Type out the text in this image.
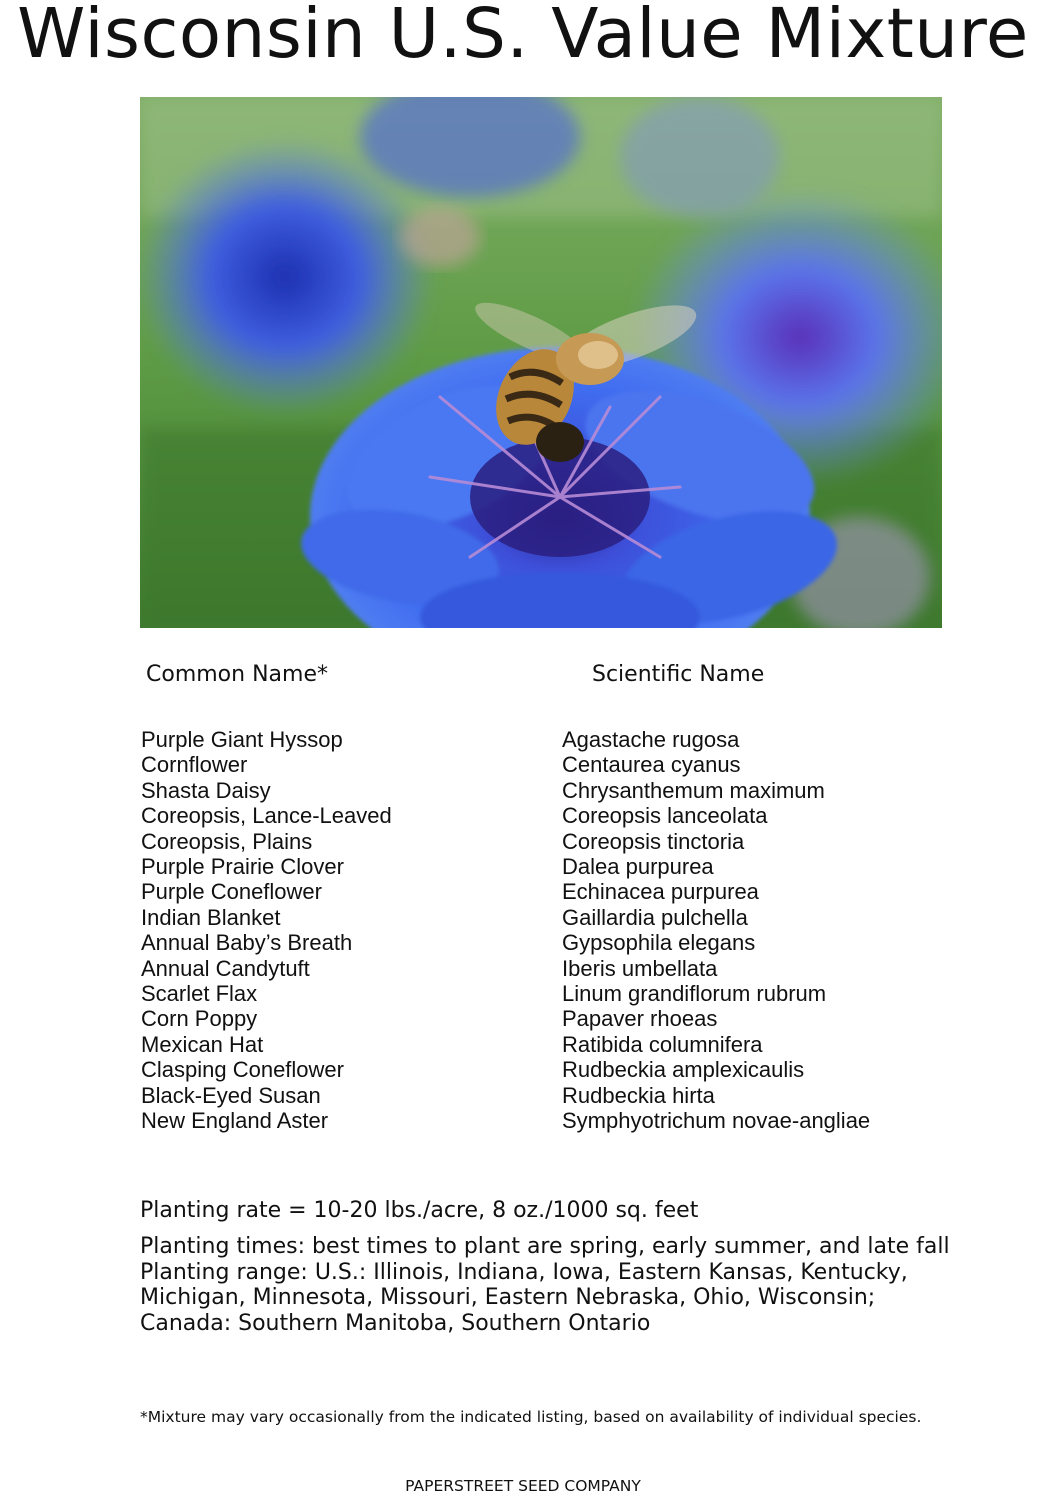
Wisconsin U.S. Value Mixture
Common Name*	Scientific Name
Purple Giant Hyssop
Cornflower
Shasta Daisy
Coreopsis, Lance-Leaved
Coreopsis, Plains
Purple Prairie Clover
Purple Coneflower
Indian Blanket
Annual Baby’s Breath
Annual Candytuft
Scarlet Flax
Corn Poppy
Mexican Hat
Clasping Coneflower
Black-Eyed Susan
New England Aster
Agastache rugosa
Centaurea cyanus
Chrysanthemum maximum
Coreopsis lanceolata
Coreopsis tinctoria
Dalea purpurea
Echinacea purpurea
Gaillardia pulchella
Gypsophila elegans
Iberis umbellata
Linum grandiflorum rubrum
Papaver rhoeas
Ratibida columnifera
Rudbeckia amplexicaulis
Rudbeckia hirta
Symphyotrichum novae-angliae
Planting rate = 10-20 lbs./acre, 8 oz./1000 sq. feet
Planting times: best times to plant are spring, early summer, and late fall
Planting range: U.S.: Illinois, Indiana, Iowa, Eastern Kansas, Kentucky,
Michigan, Minnesota, Missouri, Eastern Nebraska, Ohio, Wisconsin;
Canada: Southern Manitoba, Southern Ontario
*Mixture may vary occasionally from the indicated listing, based on availability of individual species.
PAPERSTREET SEED COMPANY
